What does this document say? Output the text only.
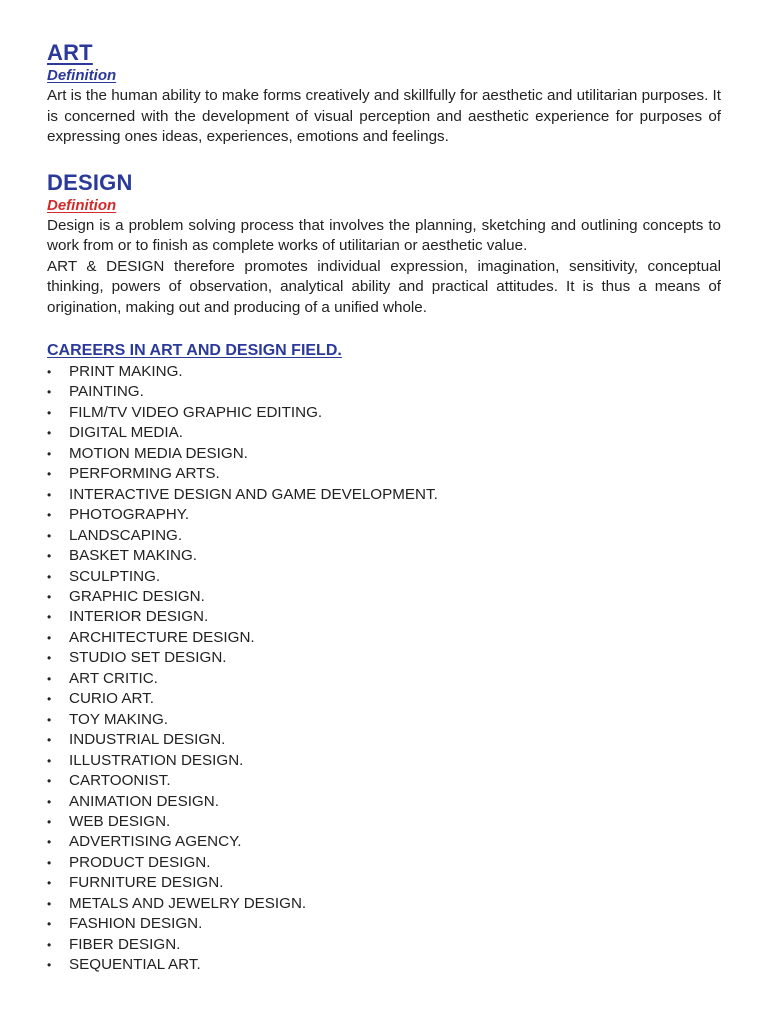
ART
Definition

Art is the human ability to make forms creatively and skillfully for aesthetic and utilitarian purposes. It is concerned with the development of visual perception and aesthetic experience for purposes of expressing ones ideas, experiences, emotions and feelings.

DESIGN
Definition

Design is a problem solving process that involves the planning, sketching and outlining concepts to work from or to finish as complete works of utilitarian or aesthetic value.

ART & DESIGN therefore promotes individual expression, imagination, sensitivity, conceptual thinking, powers of observation, analytical ability and practical attitudes. It is thus a means of origination, making out and producing of a unified whole.

CAREERS IN ART AND DESIGN FIELD.
•	PRINT MAKING.
•	PAINTING.
•	FILM/TV VIDEO GRAPHIC EDITING.
•	DIGITAL MEDIA.
•	MOTION MEDIA DESIGN.
•	PERFORMING ARTS.
•	INTERACTIVE DESIGN AND GAME DEVELOPMENT.
•	PHOTOGRAPHY.
•	LANDSCAPING.
•	BASKET MAKING.
•	SCULPTING.
•	GRAPHIC DESIGN.
•	INTERIOR DESIGN.
•	ARCHITECTURE DESIGN.
•	STUDIO SET DESIGN.
•	ART CRITIC.
•	CURIO ART.
•	TOY MAKING.
•	INDUSTRIAL DESIGN.
•	ILLUSTRATION DESIGN.
•	CARTOONIST.
•	ANIMATION DESIGN.
•	WEB DESIGN.
•	ADVERTISING AGENCY.
•	PRODUCT DESIGN.
•	FURNITURE DESIGN.
•	METALS AND JEWELRY DESIGN.
•	FASHION DESIGN.
•	FIBER DESIGN.
•	SEQUENTIAL ART.
